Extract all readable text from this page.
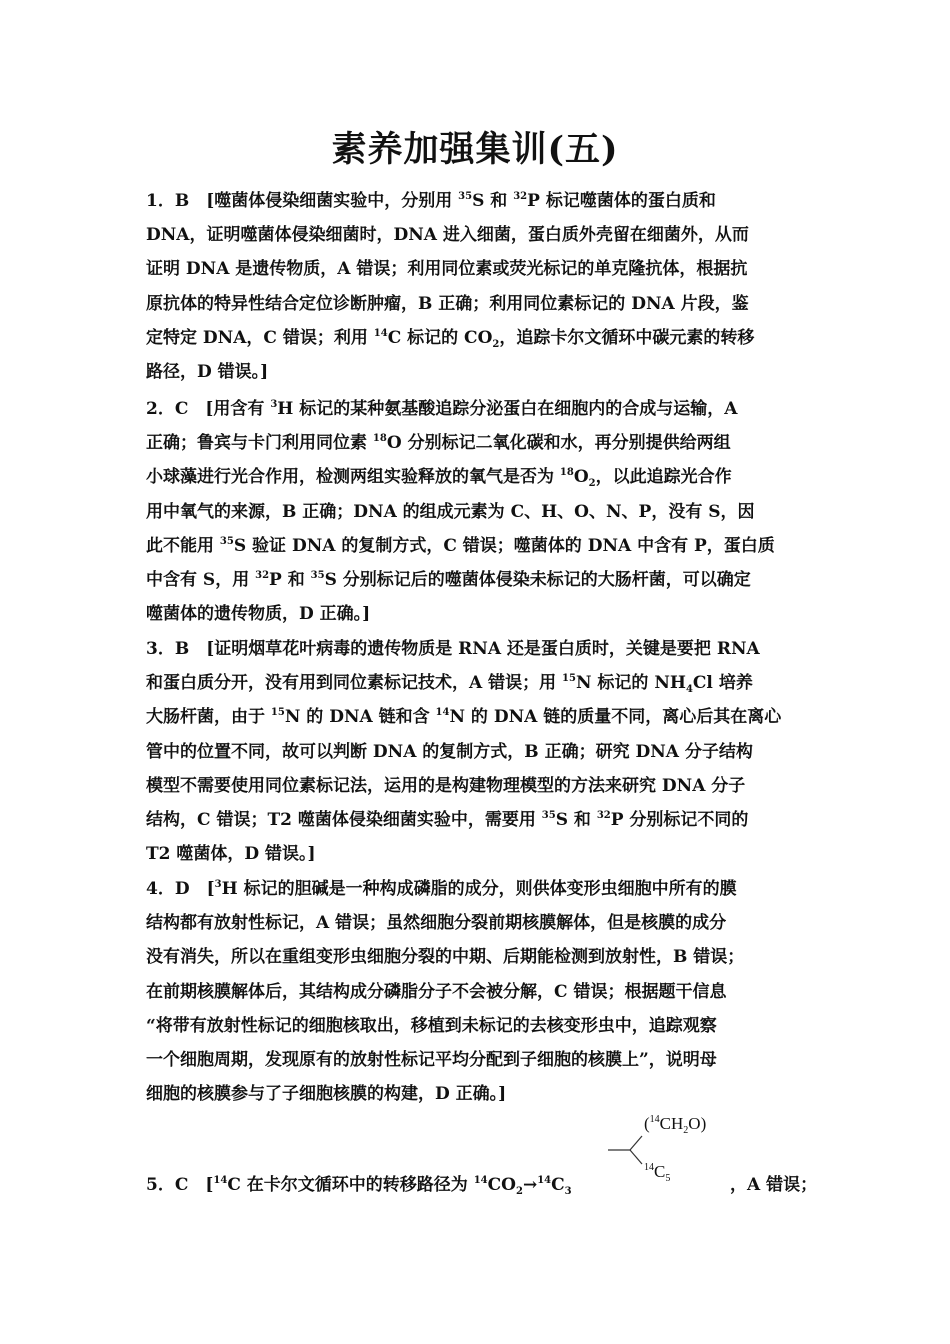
素养加强集训(五)
1．B　[噬菌体侵染细菌实验中，分别用 $^{35}$S 和 $^{32}$P 标记噬菌体的蛋白质和
DNA，证明噬菌体侵染细菌时，DNA 进入细菌，蛋白质外壳留在细菌外，从而
证明 DNA 是遗传物质，A 错误；利用同位素或荧光标记的单克隆抗体，根据抗
原抗体的特异性结合定位诊断肿瘤，B 正确；利用同位素标记的 DNA 片段，鉴
定特定 DNA，C 错误；利用 $^{14}$C 标记的 $CO_2$，追踪卡尔文循环中碳元素的转移
路径，D 错误。]
2．C　[用含有 $^3$H 标记的某种氨基酸追踪分泌蛋白在细胞内的合成与运输，A
正确；鲁宾与卡门利用同位素 $^{18}$O 分别标记二氧化碳和水，再分别提供给两组
小球藻进行光合作用，检测两组实验释放的氧气是否为 $^{18}O_2$，以此追踪光合作
用中氧气的来源，B 正确；DNA 的组成元素为 C、H、O、N、P，没有 S，因
此不能用 $^{35}$S 验证 DNA 的复制方式，C 错误；噬菌体的 DNA 中含有 P，蛋白质
中含有 S，用 $^{32}$P 和 $^{35}$S 分别标记后的噬菌体侵染未标记的大肠杆菌，可以确定
噬菌体的遗传物质，D 正确。]
3．B　[证明烟草花叶病毒的遗传物质是 RNA 还是蛋白质时，关键是要把 RNA
和蛋白质分开，没有用到同位素标记技术，A 错误；用 $^{15}$N 标记的 $NH_4Cl$ 培养
大肠杆菌，由于 $^{15}$N 的 DNA 链和含 $^{14}$N 的 DNA 链的质量不同，离心后其在离心
管中的位置不同，故可以判断 DNA 的复制方式，B 正确；研究 DNA 分子结构
模型不需要使用同位素标记法，运用的是构建物理模型的方法来研究 DNA 分子
结构，C 错误；T2 噬菌体侵染细菌实验中，需要用 $^{35}$S 和 $^{32}$P 分别标记不同的
T2 噬菌体，D 错误。]
4．D　[$^3$H 标记的胆碱是一种构成磷脂的成分，则供体变形虫细胞中所有的膜
结构都有放射性标记，A 错误；虽然细胞分裂前期核膜解体，但是核膜的成分
没有消失，所以在重组变形虫细胞分裂的中期、后期能检测到放射性，B 错误；
在前期核膜解体后，其结构成分磷脂分子不会被分解，C 错误；根据题干信息
“将带有放射性标记的细胞核取出，移植到未标记的去核变形虫中，追踪观察
一个细胞周期，发现原有的放射性标记平均分配到子细胞的核膜上”，说明母
细胞的核膜参与了子细胞核膜的构建，D 正确。]
5．C　[$^{14}$C 在卡尔文循环中的转移路径为 $^{14}CO_2\to^{14}C_3$
$(^{14}CH_2O)$
$^{14}C_5$	，A 错误；
